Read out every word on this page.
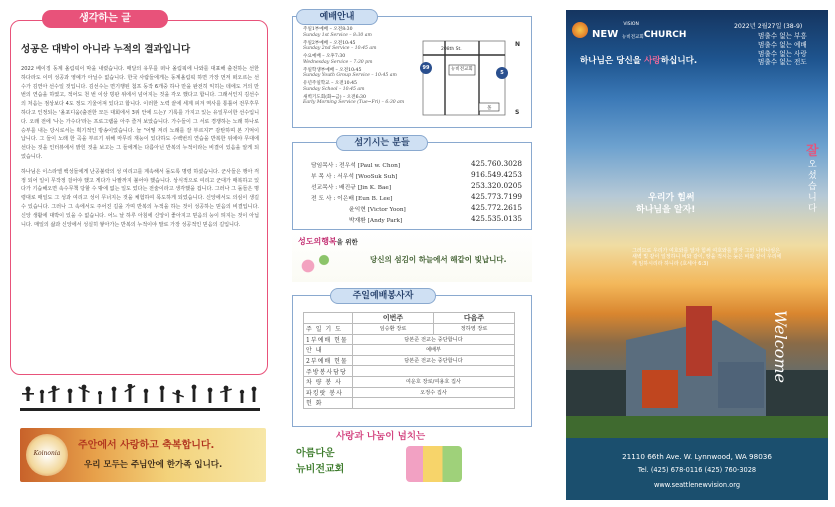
성공은 대박이 아니라 누적의 결과입니다

2022 베이징 동계 올림픽이 막을 내렸습니다. 매달의 유무를 떠나 올림픽에 나와를 대표해 출전하는 선한 하다라도 이미 성공과 영예가 아닐수 없습니다. 한국 사람들에게는 동계올림픽 하면 가장 먼저 떠오르는 선수가 김연아 선수일 것입니다. 김선수는 면기행된 첨프 동작 6개중 하나 만을 완전히 익히는 데에도 거의 만 번의 연습을 하였고, 적어도 천 번 이상 빙판 위에서 넘어지는 것을 각오 했다고 합니다. 그래서인지 김선수의 처음는 점상보다 4도 정도 기울어져 있다고 합니다. 이러한 노력 끝에 세계 피겨 역사를 통틀어 전무후무하다고 인정되는 '올포디움(출전한 모든 대회에서 3위 안에 드는)' 기록를 가지고 있는 유일무이한 선수입니다. 오래 전에 '나는 가수다'라는 프로그램을 아주 즐겨 보았습니다. 가수들이 그 서로 경쟁하는 노래 하나로 승부를 내는 당시로서는 획기적인 방송이었습니다. 늘 "어떻 저리 노래를 잘 부르지?" 감탄하며 본 기억이 납니다. 그 들이 노래 한 곡을 부르기 위해 마무리 재능이 있다하도 수백번의 연습을 반복한 뒤에야 무대에 선다는 것을 인터뷰에서 밝힌 것을 보고는 그 들에게는 다름아닌 반복의 누적이라는 비결이 있음을 알게 되었습니다.

하나님은 이스라엘 백성들에게 난공불락의 성 여리고를 계속해서 돌도록 명령 하셨습니다. 군사들은 행아 걱정 되어 일이 무작정 걸어야 했고 게다가 나팔까지 불어야 했습니다. 상식적으로 여리고 군대가 매복하고 있다가 기습해오면 속수무책 당할 수 밖에 없는 일도 었다는 전술이라고 생각했을 겁니다. 그러나 그 돌들은 명령대로 매일도 그 성과 여리고 성이 무너지는 것을 체험하여 목도하게 되었습니다. 신앙에서도 의심이 생길 수 있습니다. 그러나 그 속에서도 주어진 길을 가며 반복의 누적을 하는 것이 성공하는 믿음의 비결입니다. 신앙 생활에 대박이 있을 수 없습니다. 어느 날 하루 아침에 신앙이 좋아지고 믿음의 능이 띄지는 것이 아닙니다. 매일의 삶과 신앙에서 성실히 쌓아가는 반복의 누적이야 말로 가장 성공적인 믿음의 길입니다.

생각하는 글
Koinonia
주안에서 사랑하고 축복합니다.
우리 모두는 주님안에 한가족 입니다.
주일1부예배 – 오전8:30
Sunday 1st Service – 8:30 am
주일2부예배 – 오전10:45
Sunday 2nd Service – 10:45 am
수요예배 – 오후7:30
Wednesday Service – 7:30 pm
주일학생부예배 – 오전10:45
Sunday Youth Group Service – 10:45 am
유년주일학교 – 오전10:45
Sunday School – 10:45 am
새벽기도회(화~금) – 오전6:30
Early Morning Service (Tue~Fri) – 6:30 am
208th St.
뉴비전교회
99
5
몰
N
S
예배안내
담임목사 : 전우석 [Paul w. Chon]	425.760.3028
부 목 사 : 서우석 [WooSuk Suh]	916.549.4253
선교목사 : 배진규 [Jin K. Bae]	253.320.0205
전 도 사 : 이은배 [Eun B. Lee]	425.773.7199
윤익현 [Victor Yoon]	425.772.2615
박재환 [Andy Park]	425.535.0135
섬기시는 분들
성도의행복을 위한
당신의 섬김이 하늘에서 해같이 빛납니다.
	이번주	다음주
주 일 기 도	임승환 장로	정하영 장로
1부예배 헌물	담본준 전교는 중단합니다	
안 내	예배부	
2부예배 헌물	담본준 전교는 중단합니다	
주방봉사담당		
차 량 봉 사	여운호 장로/여용호 집사	
파킹랏 봉사	오정수 집사	
헌 화		
주일예배봉사자
사랑과 나눔이 넘치는
아름다운
뉴비전교회
NEW $^{VISION}$ CHURCH
뉴비전교회
2022년 2월27일 (38-9)
멈출수 없는 부흥
멈출수 없는 예배
멈출수 없는 사랑
멈출수 없는 전도
하나님은 당신을 사랑하십니다.
잘
오셨습니다
Welcome
우리가 힘써
하나님을 알자!
그러므로 우리가 여호와를 알자 힘써 여호와를 알자 그의 나타나심은 새벽 빛 같이 일정하니 비와 같이, 땅을 적시는 늦은 비와 같이 우리에게 임하시리라 하니라 (호세아 6:3)
21110 66th Ave. W. Lynnwood, WA 98036
Tel. (425) 678-0116 (425) 760-3028
www.seattlenewvision.org
